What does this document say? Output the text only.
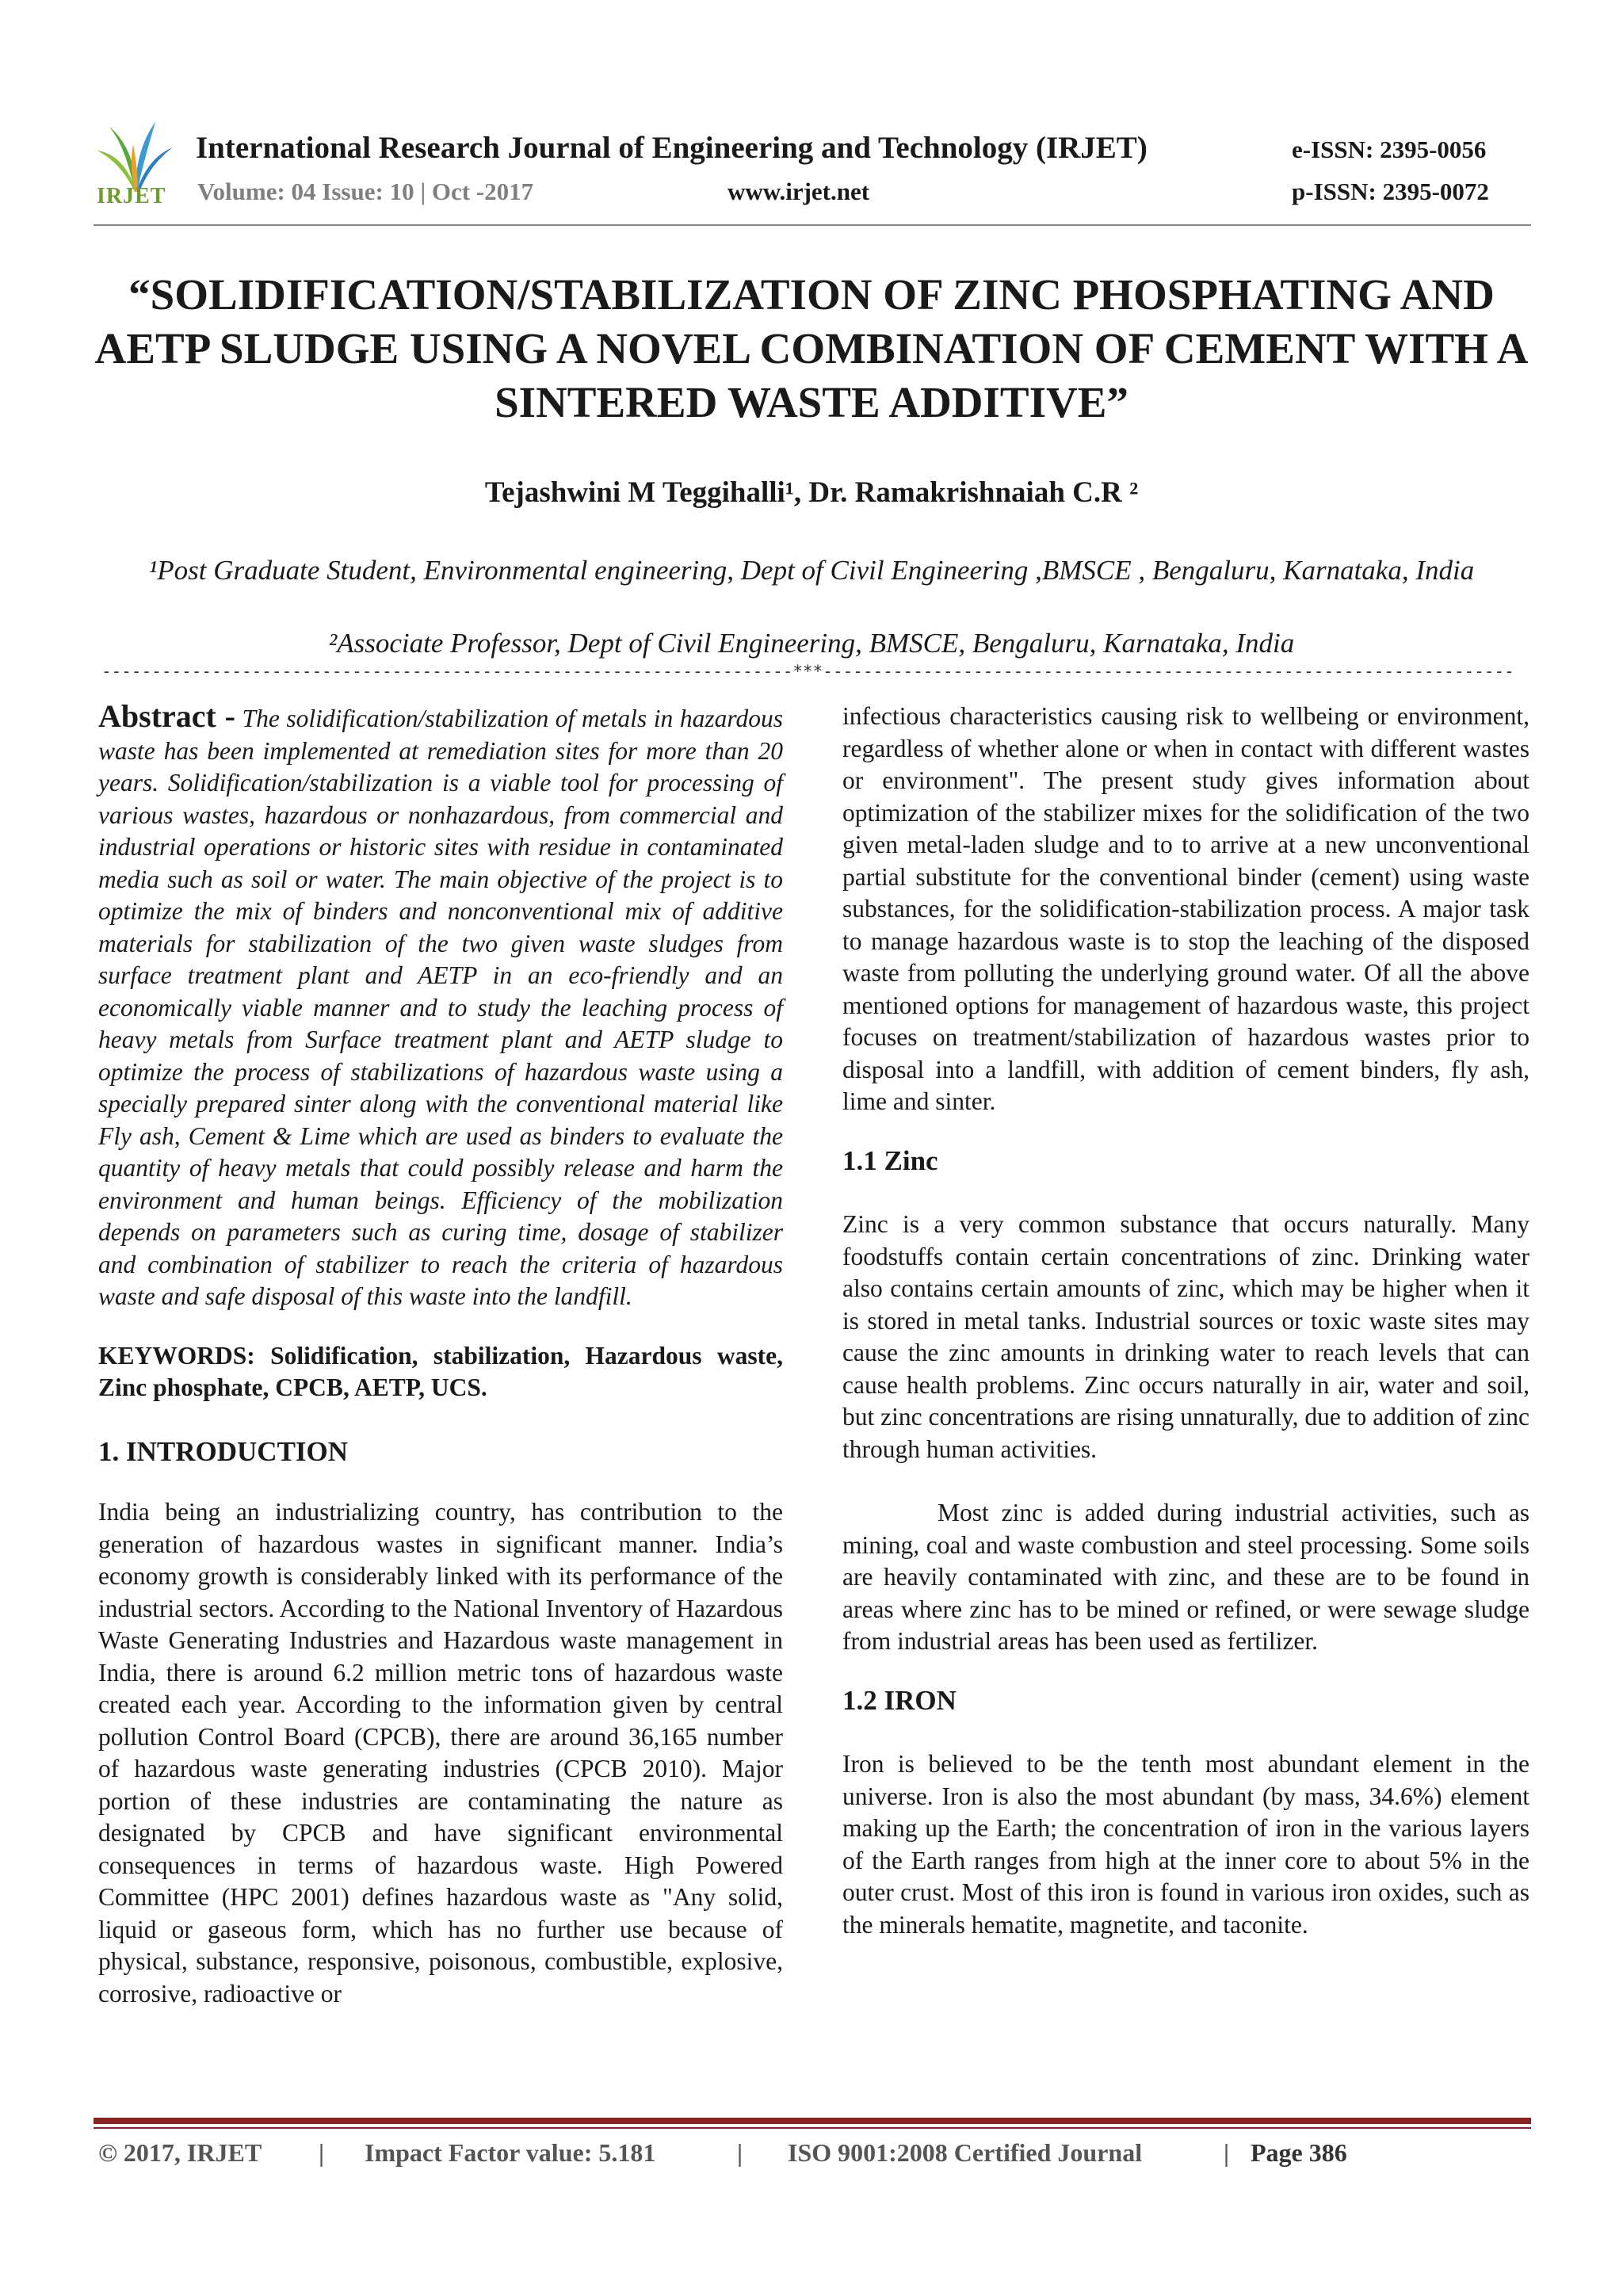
IRJET
International Research Journal of Engineering and Technology (IRJET)	e-ISSN: 2395-0056
Volume: 04 Issue: 10 | Oct -2017	www.irjet.net	p-ISSN: 2395-0072
“SOLIDIFICATION/STABILIZATION OF ZINC PHOSPHATING AND AETP SLUDGE USING A NOVEL COMBINATION OF CEMENT WITH A SINTERED WASTE ADDITIVE”
Tejashwini M Teggihalli¹, Dr. Ramakrishnaiah C.R ²
¹Post Graduate Student, Environmental engineering, Dept of Civil Engineering ,BMSCE , Bengaluru, Karnataka, India
²Associate Professor, Dept of Civil Engineering, BMSCE, Bengaluru, Karnataka, India
---------------------------------------------------------------------***---------------------------------------------------------------------

Abstract - The solidification/stabilization of metals in hazardous waste has been implemented at remediation sites for more than 20 years. Solidification/stabilization is a viable tool for processing of various wastes, hazardous or nonhazardous, from commercial and industrial operations or historic sites with residue in contaminated media such as soil or water. The main objective of the project is to optimize the mix of binders and nonconventional mix of additive materials for stabilization of the two given waste sludges from surface treatment plant and AETP in an eco-friendly and an economically viable manner and to study the leaching process of heavy metals from Surface treatment plant and AETP sludge to optimize the process of stabilizations of hazardous waste using a specially prepared sinter along with the conventional material like Fly ash, Cement & Lime which are used as binders to evaluate the quantity of heavy metals that could possibly release and harm the environment and human beings. Efficiency of the mobilization depends on parameters such as curing time, dosage of stabilizer and combination of stabilizer to reach the criteria of hazardous waste and safe disposal of this waste into the landfill.

KEYWORDS: Solidification, stabilization, Hazardous waste, Zinc phosphate, CPCB, AETP, UCS.

1. INTRODUCTION

India being an industrializing country, has contribution to the generation of hazardous wastes in significant manner. India’s economy growth is considerably linked with its performance of the industrial sectors. According to the National Inventory of Hazardous Waste Generating Industries and Hazardous waste management in India, there is around 6.2 million metric tons of hazardous waste created each year. According to the information given by central pollution Control Board (CPCB), there are around 36,165 number of hazardous waste generating industries (CPCB 2010). Major portion of these industries are contaminating the nature as designated by CPCB and have significant environmental consequences in terms of hazardous waste. High Powered Committee (HPC 2001) defines hazardous waste as "Any solid, liquid or gaseous form, which has no further use because of physical, substance, responsive, poisonous, combustible, explosive, corrosive, radioactive or

infectious characteristics causing risk to wellbeing or environment, regardless of whether alone or when in contact with different wastes or environment". The present study gives information about optimization of the stabilizer mixes for the solidification of the two given metal-laden sludge and to to arrive at a new unconventional partial substitute for the conventional binder (cement) using waste substances, for the solidification-stabilization process. A major task to manage hazardous waste is to stop the leaching of the disposed waste from polluting the underlying ground water. Of all the above mentioned options for management of hazardous waste, this project focuses on treatment/stabilization of hazardous wastes prior to disposal into a landfill, with addition of cement binders, fly ash, lime and sinter.

1.1 Zinc

Zinc is a very common substance that occurs naturally. Many foodstuffs contain certain concentrations of zinc. Drinking water also contains certain amounts of zinc, which may be higher when it is stored in metal tanks. Industrial sources or toxic waste sites may cause the zinc amounts in drinking water to reach levels that can cause health problems. Zinc occurs naturally in air, water and soil, but zinc concentrations are rising unnaturally, due to addition of zinc through human activities.

Most zinc is added during industrial activities, such as mining, coal and waste combustion and steel processing. Some soils are heavily contaminated with zinc, and these are to be found in areas where zinc has to be mined or refined, or were sewage sludge from industrial areas has been used as fertilizer.

1.2 IRON

Iron is believed to be the tenth most abundant element in the universe. Iron is also the most abundant (by mass, 34.6%) element making up the Earth; the concentration of iron in the various layers of the Earth ranges from high at the inner core to about 5% in the outer crust. Most of this iron is found in various iron oxides, such as the minerals hematite, magnetite, and taconite.

© 2017, IRJET | Impact Factor value: 5.181	| ISO 9001:2008 Certified Journal	| Page 386
